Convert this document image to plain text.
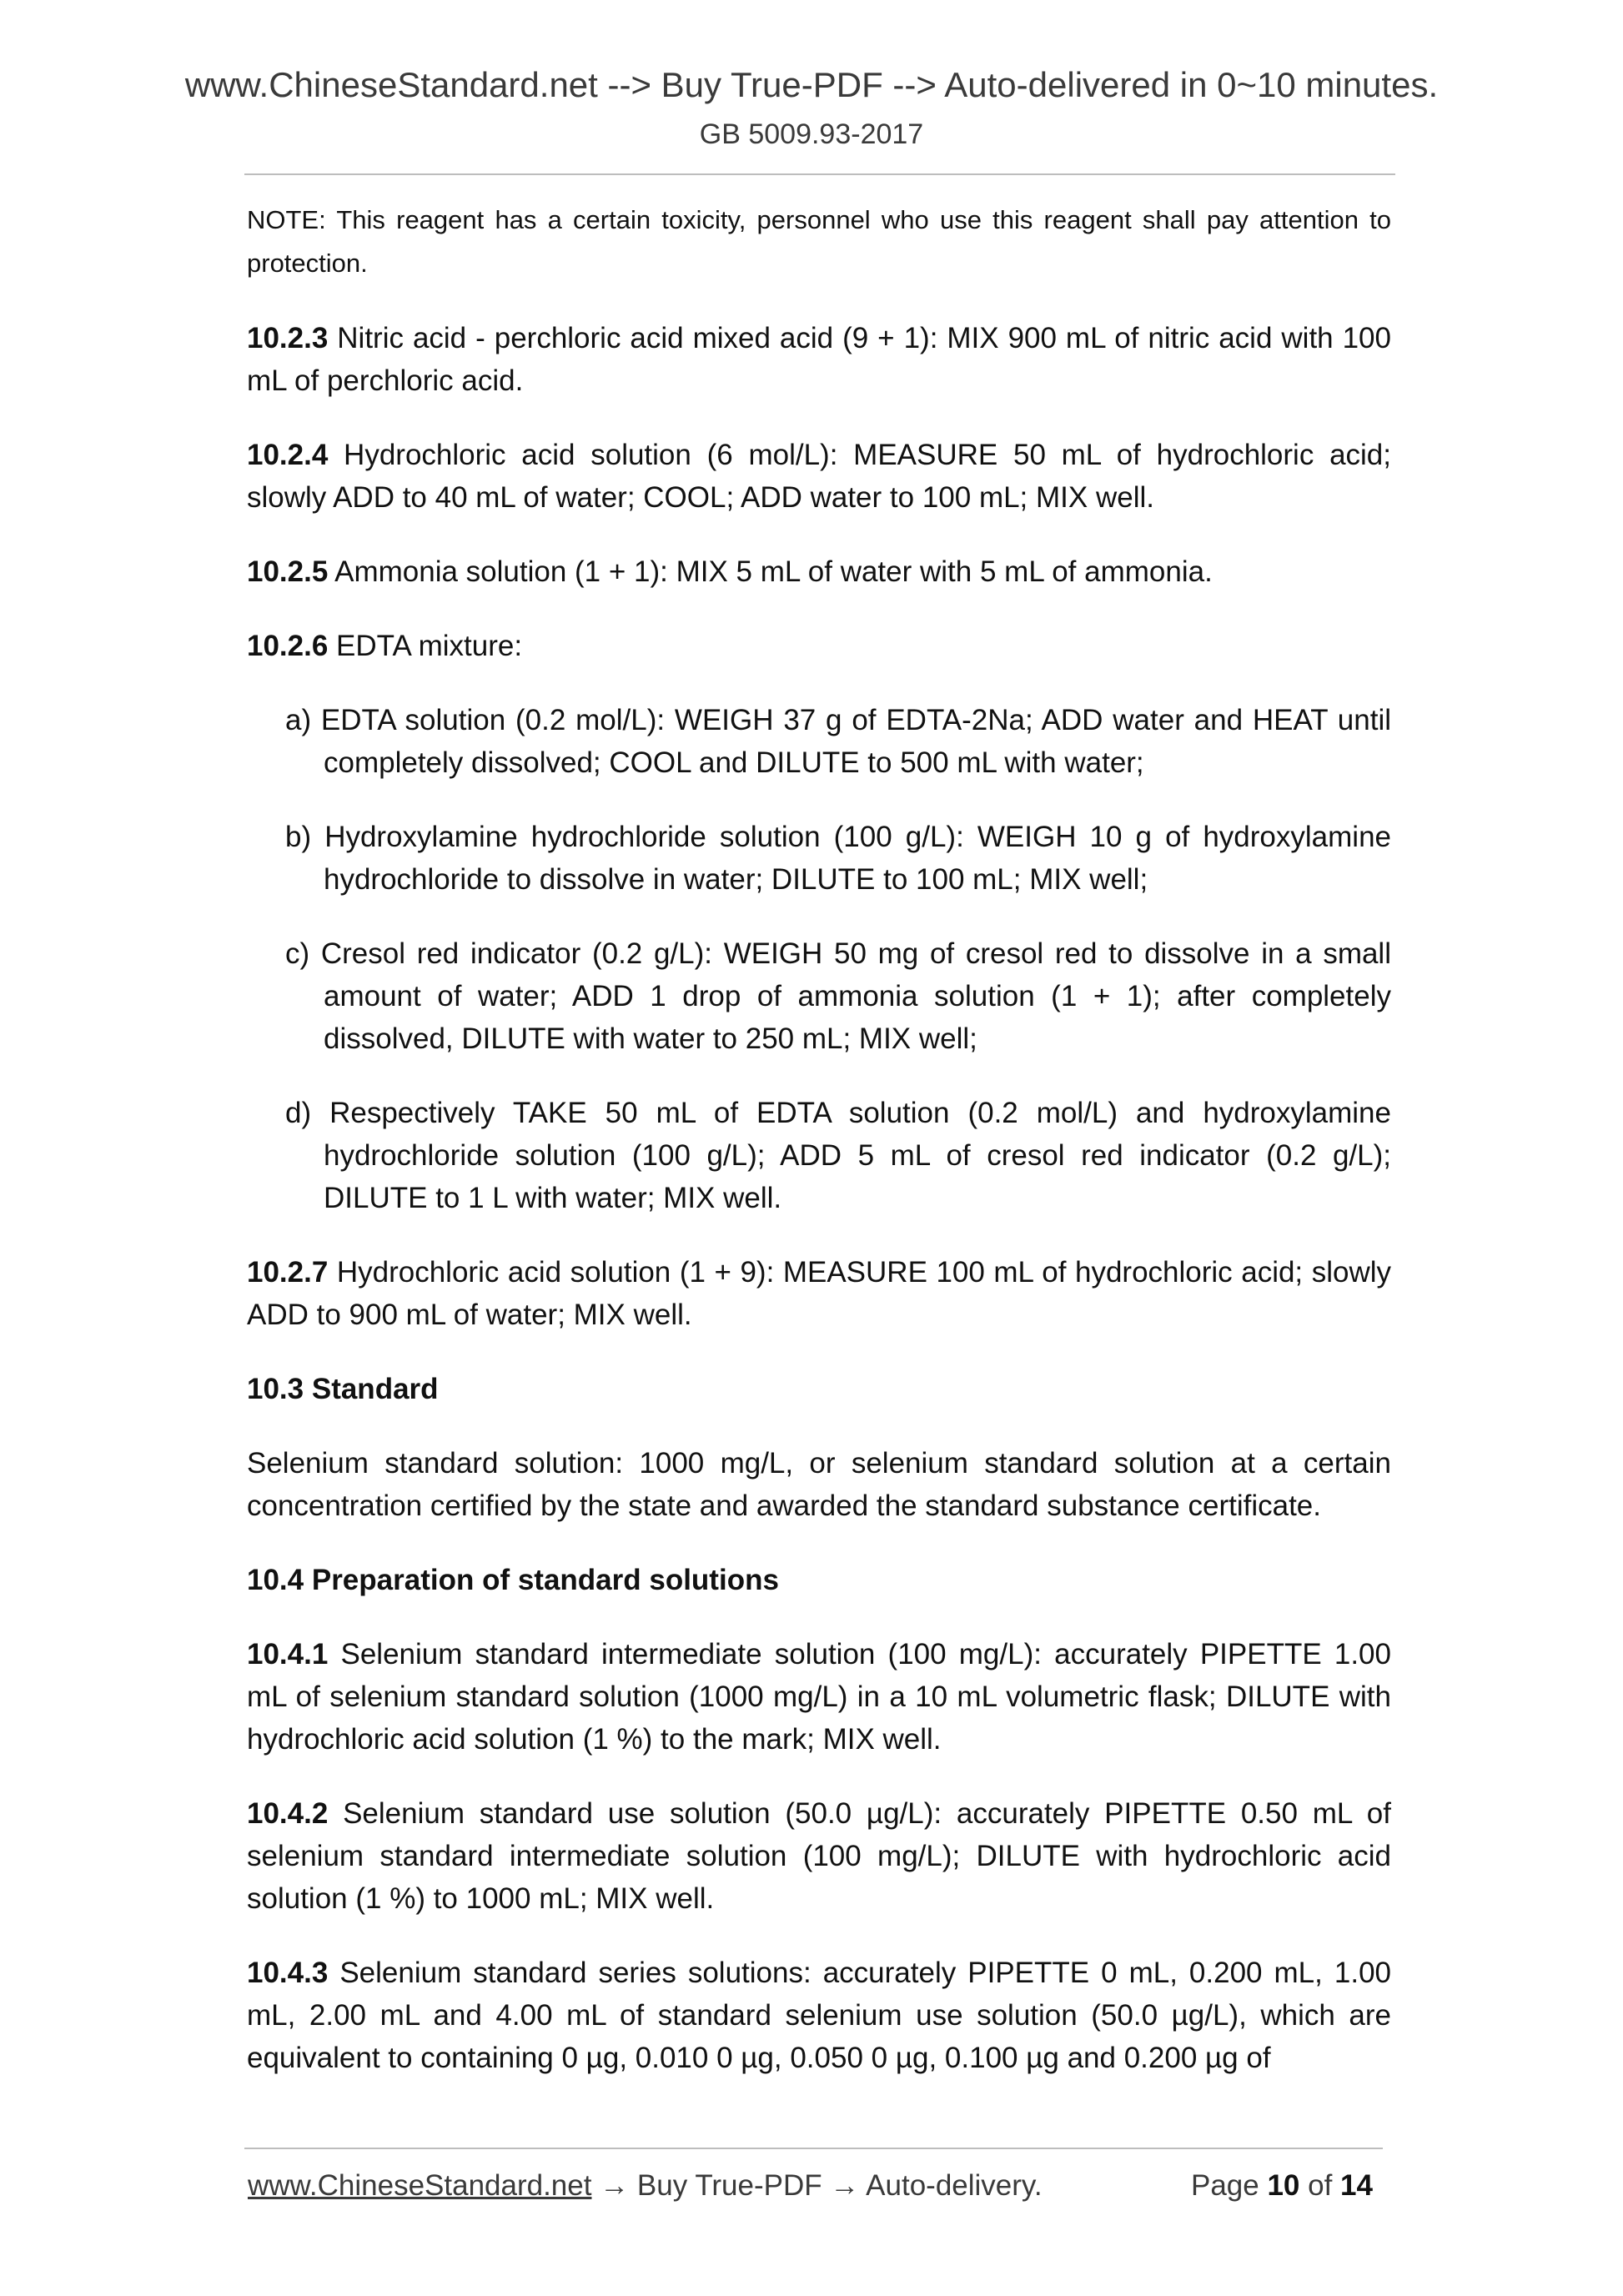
www.ChineseStandard.net --> Buy True-PDF --> Auto-delivered in 0~10 minutes.
GB 5009.93-2017

NOTE: This reagent has a certain toxicity, personnel who use this reagent shall pay attention to protection.

10.2.3 Nitric acid - perchloric acid mixed acid (9 + 1): MIX 900 mL of nitric acid with 100 mL of perchloric acid.

10.2.4 Hydrochloric acid solution (6 mol/L): MEASURE 50 mL of hydrochloric acid; slowly ADD to 40 mL of water; COOL; ADD water to 100 mL; MIX well.

10.2.5 Ammonia solution (1 + 1): MIX 5 mL of water with 5 mL of ammonia.

10.2.6 EDTA mixture:

a) EDTA solution (0.2 mol/L): WEIGH 37 g of EDTA-2Na; ADD water and HEAT until completely dissolved; COOL and DILUTE to 500 mL with water;

b) Hydroxylamine hydrochloride solution (100 g/L): WEIGH 10 g of hydroxylamine hydrochloride to dissolve in water; DILUTE to 100 mL; MIX well;

c) Cresol red indicator (0.2 g/L): WEIGH 50 mg of cresol red to dissolve in a small amount of water; ADD 1 drop of ammonia solution (1 + 1); after completely dissolved, DILUTE with water to 250 mL; MIX well;

d) Respectively TAKE 50 mL of EDTA solution (0.2 mol/L) and hydroxylamine hydrochloride solution (100 g/L); ADD 5 mL of cresol red indicator (0.2 g/L); DILUTE to 1 L with water; MIX well.

10.2.7 Hydrochloric acid solution (1 + 9): MEASURE 100 mL of hydrochloric acid; slowly ADD to 900 mL of water; MIX well.

10.3 Standard

Selenium standard solution: 1000 mg/L, or selenium standard solution at a certain concentration certified by the state and awarded the standard substance certificate.

10.4 Preparation of standard solutions

10.4.1 Selenium standard intermediate solution (100 mg/L): accurately PIPETTE 1.00 mL of selenium standard solution (1000 mg/L) in a 10 mL volumetric flask; DILUTE with hydrochloric acid solution (1 %) to the mark; MIX well.

10.4.2 Selenium standard use solution (50.0 µg/L): accurately PIPETTE 0.50 mL of selenium standard intermediate solution (100 mg/L); DILUTE with hydrochloric acid solution (1 %) to 1000 mL; MIX well.

10.4.3 Selenium standard series solutions: accurately PIPETTE 0 mL, 0.200 mL, 1.00 mL, 2.00 mL and 4.00 mL of standard selenium use solution (50.0 µg/L), which are equivalent to containing 0 µg, 0.010 0 µg, 0.050 0 µg, 0.100 µg and 0.200 µg of

www.ChineseStandard.net → Buy True-PDF → Auto-delivery.	Page 10 of 14
